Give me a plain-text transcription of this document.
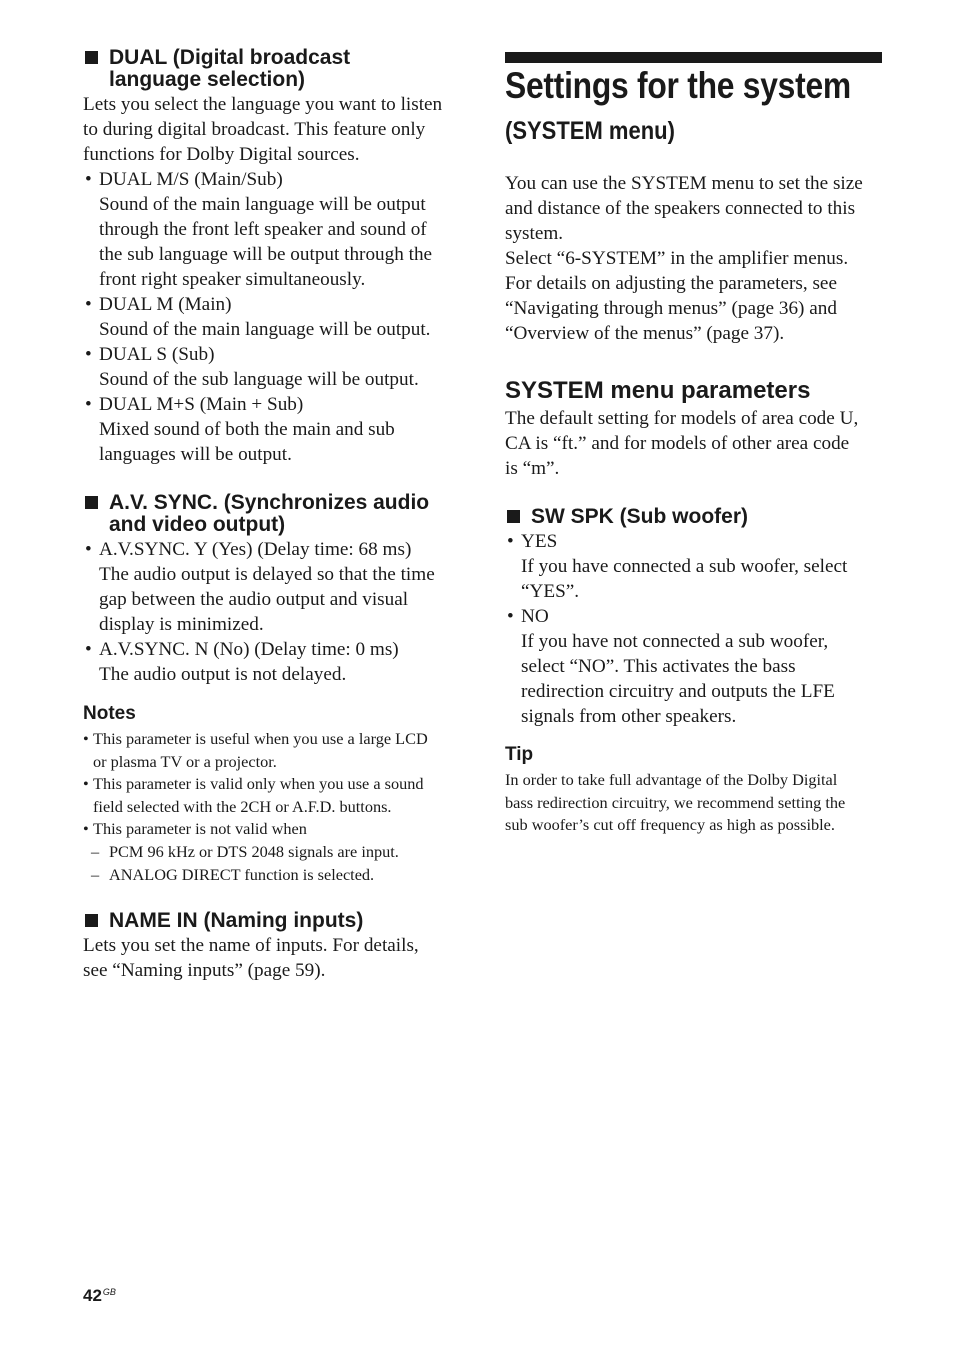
DUAL (Digital broadcast
language selection)
Lets you select the language you want to listen
to during digital broadcast. This feature only
functions for Dolby Digital sources.
• DUAL M/S (Main/Sub)
Sound of the main language will be output
through the front left speaker and sound of
the sub language will be output through the
front right speaker simultaneously.
• DUAL M (Main)
Sound of the main language will be output.
• DUAL S (Sub)
Sound of the sub language will be output.
• DUAL M+S (Main + Sub)
Mixed sound of both the main and sub
languages will be output.
A.V. SYNC. (Synchronizes audio
and video output)
• A.V.SYNC. Y (Yes) (Delay time: 68 ms)
The audio output is delayed so that the time
gap between the audio output and visual
display is minimized.
• A.V.SYNC. N (No) (Delay time: 0 ms)
The audio output is not delayed.
Notes
• This parameter is useful when you use a large LCD
or plasma TV or a projector.
• This parameter is valid only when you use a sound
field selected with the 2CH or A.F.D. buttons.
• This parameter is not valid when
– PCM 96 kHz or DTS 2048 signals are input.
– ANALOG DIRECT function is selected.
NAME IN (Naming inputs)
Lets you set the name of inputs. For details,
see “Naming inputs” (page 59).
Settings for the system
(SYSTEM menu)
You can use the SYSTEM menu to set the size
and distance of the speakers connected to this
system.
Select “6-SYSTEM” in the amplifier menus.
For details on adjusting the parameters, see
“Navigating through menus” (page 36) and
“Overview of the menus” (page 37).
SYSTEM menu parameters
The default setting for models of area code U,
CA is “ft.” and for models of other area code
is “m”.
SW SPK (Sub woofer)
• YES
If you have connected a sub woofer, select
“YES”.
• NO
If you have not connected a sub woofer,
select “NO”. This activates the bass
redirection circuitry and outputs the LFE
signals from other speakers.
Tip
In order to take full advantage of the Dolby Digital
bass redirection circuitry, we recommend setting the
sub woofer’s cut off frequency as high as possible.
$42^{GB}$
